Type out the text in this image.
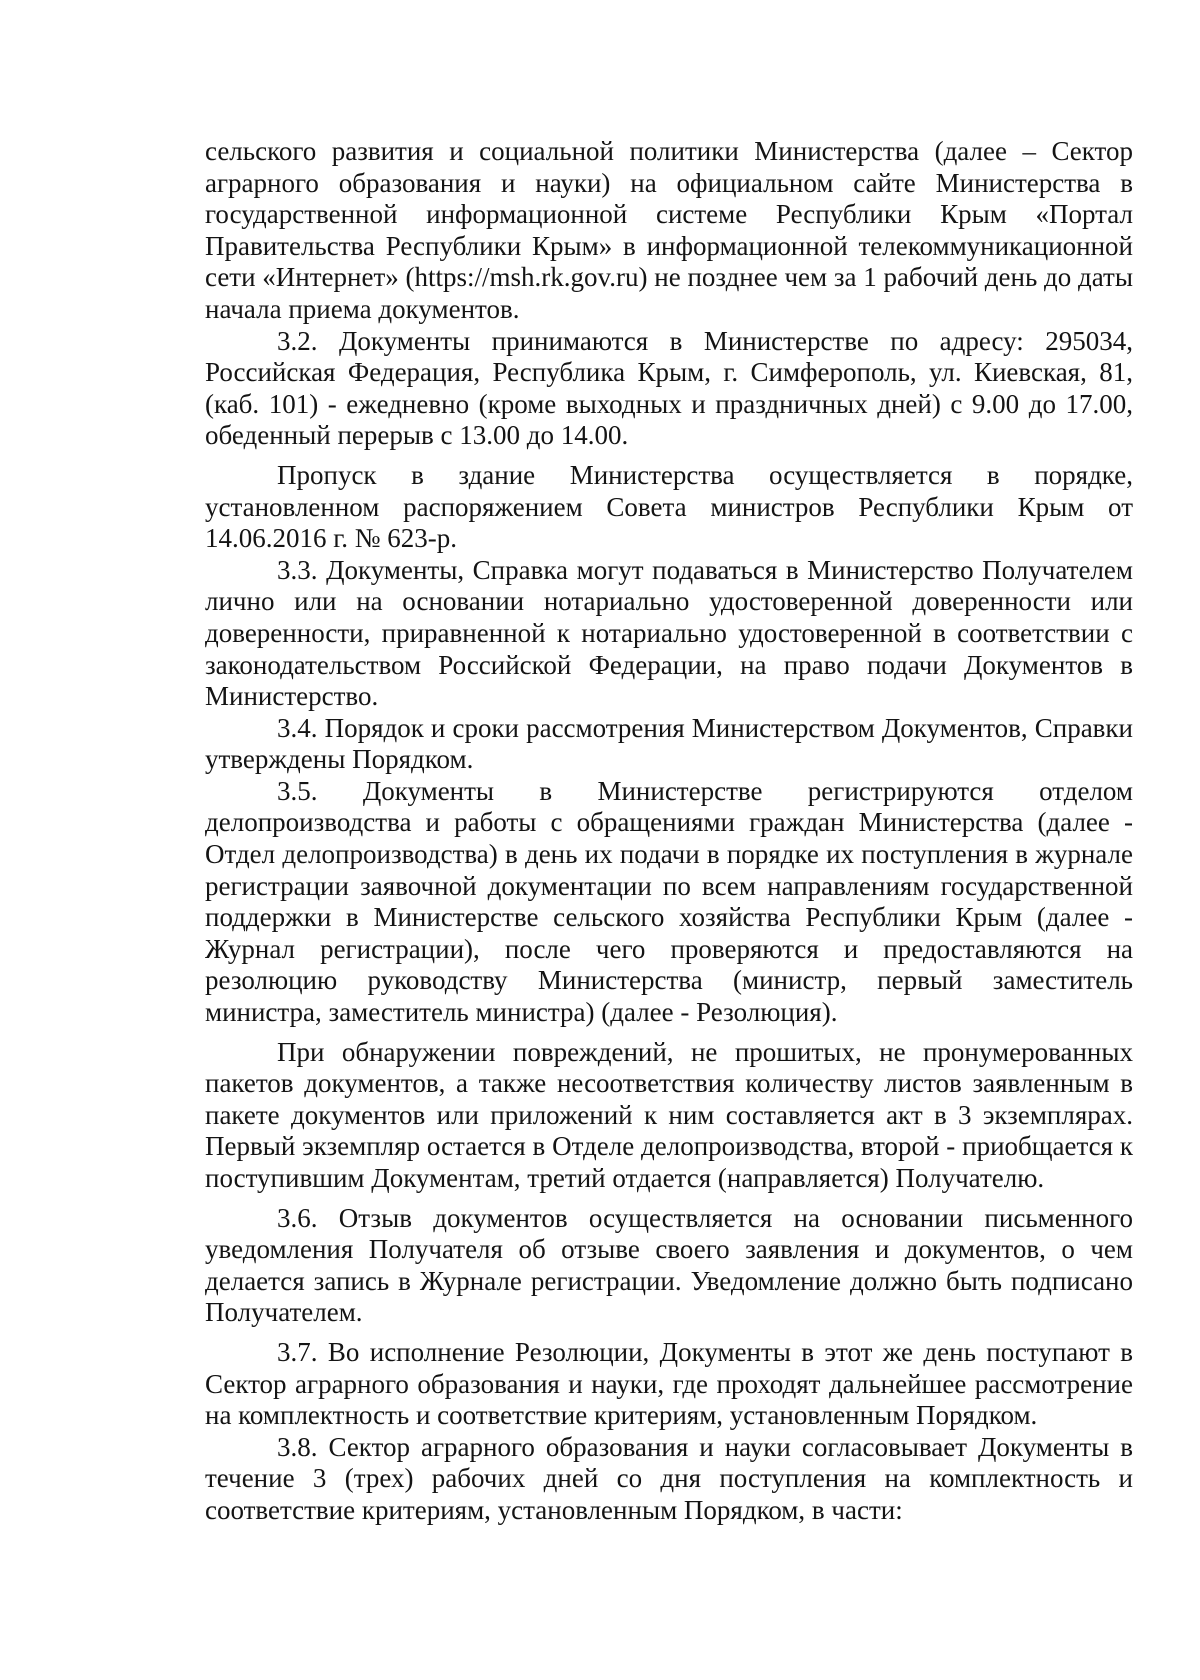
сельского развития и социальной политики Министерства (далее – Сектор аграрного образования и науки) на официальном сайте Министерства в государственной информационной системе Республики Крым «Портал Правительства Республики Крым» в информационной телекоммуникационной сети «Интернет» (https://msh.rk.gov.ru) не позднее чем за 1 рабочий день до даты начала приема документов.

3.2. Документы принимаются в Министерстве по адресу: 295034, Российская Федерация, Республика Крым, г. Симферополь, ул. Киевская, 81, (каб. 101) - ежедневно (кроме выходных и праздничных дней) с 9.00 до 17.00, обеденный перерыв с 13.00 до 14.00.

Пропуск в здание Министерства осуществляется в порядке, установленном распоряжением Совета министров Республики Крым от 14.06.2016 г. № 623-р.

3.3. Документы, Справка могут подаваться в Министерство Получателем лично или на основании нотариально удостоверенной доверенности или доверенности, приравненной к нотариально удостоверенной в соответствии с законодательством Российской Федерации, на право подачи Документов в Министерство.

3.4. Порядок и сроки рассмотрения Министерством Документов, Справки утверждены Порядком.

3.5. Документы в Министерстве регистрируются отделом делопроизводства и работы с обращениями граждан Министерства (далее - Отдел делопроизводства) в день их подачи в порядке их поступления в журнале регистрации заявочной документации по всем направлениям государственной поддержки в Министерстве сельского хозяйства Республики Крым (далее - Журнал регистрации), после чего проверяются и предоставляются на резолюцию руководству Министерства (министр, первый заместитель министра, заместитель министра) (далее - Резолюция).

При обнаружении повреждений, не прошитых, не пронумерованных пакетов документов, а также несоответствия количеству листов заявленным в пакете документов или приложений к ним составляется акт в 3 экземплярах. Первый экземпляр остается в Отделе делопроизводства, второй - приобщается к поступившим Документам, третий отдается (направляется) Получателю.

3.6. Отзыв документов осуществляется на основании письменного уведомления Получателя об отзыве своего заявления и документов, о чем делается запись в Журнале регистрации. Уведомление должно быть подписано Получателем.

3.7. Во исполнение Резолюции, Документы в этот же день поступают в Сектор аграрного образования и науки, где проходят дальнейшее рассмотрение на комплектность и соответствие критериям, установленным Порядком.

3.8. Сектор аграрного образования и науки согласовывает Документы в течение 3 (трех) рабочих дней со дня поступления на комплектность и соответствие критериям, установленным Порядком, в части:
